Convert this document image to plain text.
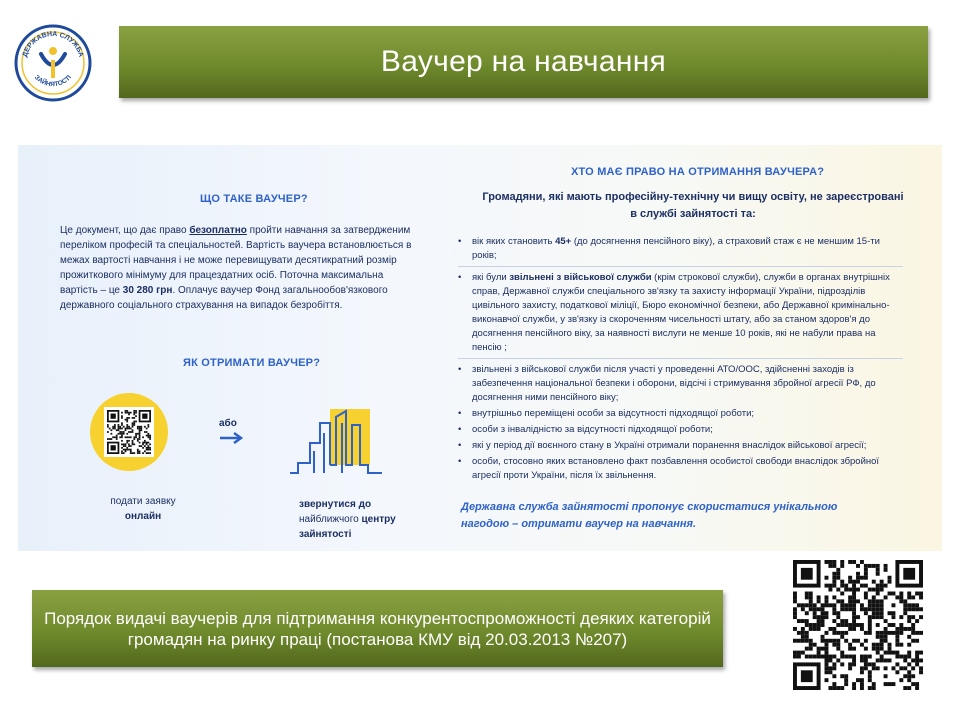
ДЕРЖАВНА СЛУЖБА
ЗАЙНЯТОСТІ	Ваучер на навчання
ЩО ТАКЕ ВАУЧЕР?
Це документ, що дає право безоплатно пройти навчання за затвердженим переліком професій та спеціальностей. Вартість ваучера встановлюється в межах вартості навчання і не може перевищувати десятикратний розмір прожиткового мінімуму для працездатних осіб. Поточна максимальна вартість – це 30 280 грн. Оплачує ваучер Фонд загальнообов'язкового державного соціального страхування на випадок безробіття.
ЯК ОТРИМАТИ ВАУЧЕР?
подати заявку
онлайн
або
звернутися до
найближчого центру
зайнятості
ХТО МАЄ ПРАВО НА ОТРИМАННЯ ВАУЧЕРА?
Громадяни, які мають професійну-технічну чи вищу освіту, не зареєстровані в службі зайнятості та:
• вік яких становить 45+ (до досягнення пенсійного віку), а страховий стаж є не меншим 15-ти років;
• які були звільнені з військової служби (крім строкової служби), служби в органах внутрішніх справ, Державної служби спеціального зв'язку та захисту інформації України, підрозділів цивільного захисту, податкової міліції, Бюро економічної безпеки, або Державної кримінально-виконавчої служби, у зв'язку із скороченням чисельності штату, або за станом здоров'я до досягнення пенсійного віку, за наявності вислуги не менше 10 років, які не набули права на пенсію ;
• звільнені з військової служби після участі у проведенні АТО/ООС, здійсненні заходів із забезпечення національної безпеки і оборони, відсічі і стримування збройної агресії РФ, до досягнення ними пенсійного віку;
• внутрішньо переміщені особи за відсутності підходящої роботи;
• особи з інвалідністю за відсутності підходящої роботи;
• які у період дії воєнного стану в Україні отримали поранення внаслідок військової агресії;
• особи, стосовно яких встановлено факт позбавлення особистої свободи внаслідок збройної агресії проти України, після їх звільнення.
Державна служба зайнятості пропонує скористатися унікальною нагодою – отримати ваучер на навчання.
Порядок видачі ваучерів для підтримання конкурентоспроможності деяких категорій громадян на ринку праці (постанова КМУ від 20.03.2013 №207)
